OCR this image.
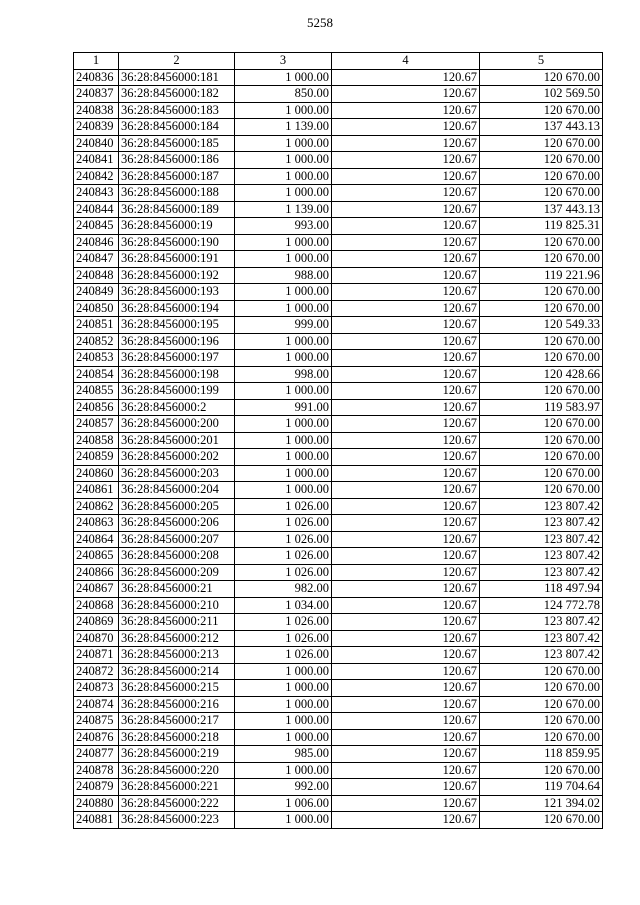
5258
1	2	3	4	5
240836	36:28:8456000:181	1 000.00	120.67	120 670.00
240837	36:28:8456000:182	850.00	120.67	102 569.50
240838	36:28:8456000:183	1 000.00	120.67	120 670.00
240839	36:28:8456000:184	1 139.00	120.67	137 443.13
240840	36:28:8456000:185	1 000.00	120.67	120 670.00
240841	36:28:8456000:186	1 000.00	120.67	120 670.00
240842	36:28:8456000:187	1 000.00	120.67	120 670.00
240843	36:28:8456000:188	1 000.00	120.67	120 670.00
240844	36:28:8456000:189	1 139.00	120.67	137 443.13
240845	36:28:8456000:19	993.00	120.67	119 825.31
240846	36:28:8456000:190	1 000.00	120.67	120 670.00
240847	36:28:8456000:191	1 000.00	120.67	120 670.00
240848	36:28:8456000:192	988.00	120.67	119 221.96
240849	36:28:8456000:193	1 000.00	120.67	120 670.00
240850	36:28:8456000:194	1 000.00	120.67	120 670.00
240851	36:28:8456000:195	999.00	120.67	120 549.33
240852	36:28:8456000:196	1 000.00	120.67	120 670.00
240853	36:28:8456000:197	1 000.00	120.67	120 670.00
240854	36:28:8456000:198	998.00	120.67	120 428.66
240855	36:28:8456000:199	1 000.00	120.67	120 670.00
240856	36:28:8456000:2	991.00	120.67	119 583.97
240857	36:28:8456000:200	1 000.00	120.67	120 670.00
240858	36:28:8456000:201	1 000.00	120.67	120 670.00
240859	36:28:8456000:202	1 000.00	120.67	120 670.00
240860	36:28:8456000:203	1 000.00	120.67	120 670.00
240861	36:28:8456000:204	1 000.00	120.67	120 670.00
240862	36:28:8456000:205	1 026.00	120.67	123 807.42
240863	36:28:8456000:206	1 026.00	120.67	123 807.42
240864	36:28:8456000:207	1 026.00	120.67	123 807.42
240865	36:28:8456000:208	1 026.00	120.67	123 807.42
240866	36:28:8456000:209	1 026.00	120.67	123 807.42
240867	36:28:8456000:21	982.00	120.67	118 497.94
240868	36:28:8456000:210	1 034.00	120.67	124 772.78
240869	36:28:8456000:211	1 026.00	120.67	123 807.42
240870	36:28:8456000:212	1 026.00	120.67	123 807.42
240871	36:28:8456000:213	1 026.00	120.67	123 807.42
240872	36:28:8456000:214	1 000.00	120.67	120 670.00
240873	36:28:8456000:215	1 000.00	120.67	120 670.00
240874	36:28:8456000:216	1 000.00	120.67	120 670.00
240875	36:28:8456000:217	1 000.00	120.67	120 670.00
240876	36:28:8456000:218	1 000.00	120.67	120 670.00
240877	36:28:8456000:219	985.00	120.67	118 859.95
240878	36:28:8456000:220	1 000.00	120.67	120 670.00
240879	36:28:8456000:221	992.00	120.67	119 704.64
240880	36:28:8456000:222	1 006.00	120.67	121 394.02
240881	36:28:8456000:223	1 000.00	120.67	120 670.00
